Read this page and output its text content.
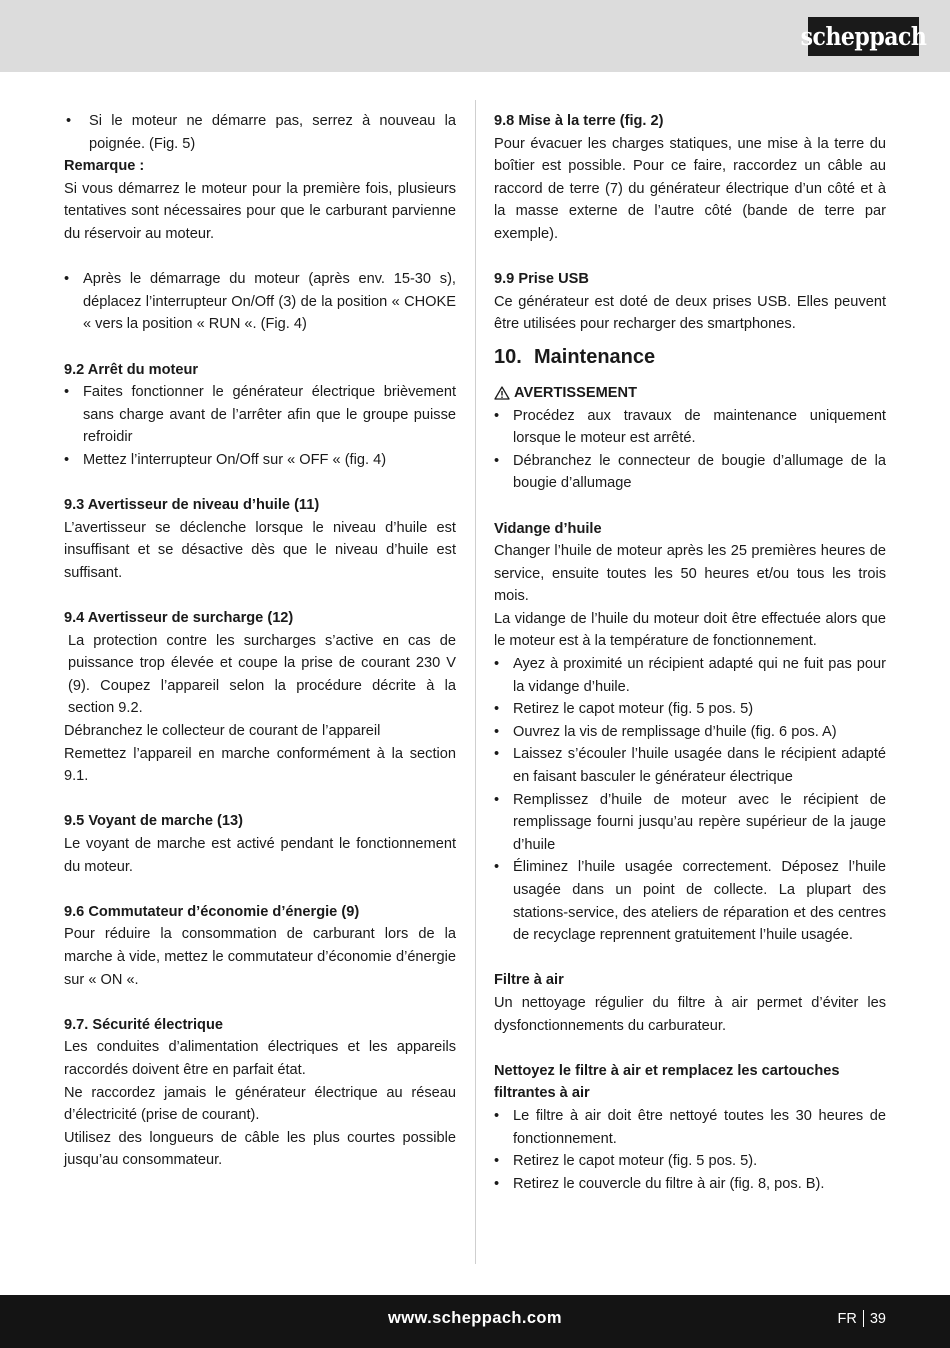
scheppach
• Si le moteur ne démarre pas, serrez à nouveau la poignée. (Fig. 5)
Remarque :
Si vous démarrez le moteur pour la première fois, plusieurs tentatives sont nécessaires pour que le carburant parvienne du réservoir au moteur.
• Après le démarrage du moteur (après env. 15-30 s), déplacez l’interrupteur On/Off (3) de la position « CHOKE « vers la position « RUN «. (Fig. 4)
9.2 Arrêt du moteur
• Faites fonctionner le générateur électrique brièvement sans charge avant de l’arrêter afin que le groupe puisse refroidir
• Mettez l’interrupteur On/Off sur « OFF « (fig. 4)
9.3 Avertisseur de niveau d’huile (11)
L’avertisseur se déclenche lorsque le niveau d’huile est insuffisant et se désactive dès que le niveau d’huile est suffisant.
9.4 Avertisseur de surcharge (12)
La protection contre les surcharges s’active en cas de puissance trop élevée et coupe la prise de courant 230 V (9). Coupez l’appareil selon la procédure décrite à la section 9.2.
Débranchez le collecteur de courant de l’appareil
Remettez l’appareil en marche conformément à la section 9.1.
9.5 Voyant de marche (13)
Le voyant de marche est activé pendant le fonctionnement du moteur.
9.6 Commutateur d’économie d’énergie (9)
Pour réduire la consommation de carburant lors de la marche à vide, mettez le commutateur d’économie d’énergie sur « ON «.
9.7. Sécurité électrique
Les conduites d’alimentation électriques et les appareils raccordés doivent être en parfait état.
Ne raccordez jamais le générateur électrique au réseau d’électricité (prise de courant).
Utilisez des longueurs de câble les plus courtes possible jusqu’au consommateur.
9.8 Mise à la terre (fig. 2)
Pour évacuer les charges statiques, une mise à la terre du boîtier est possible. Pour ce faire, raccordez un câble au raccord de terre (7) du générateur électrique d’un côté et à la masse externe de l’autre côté (bande de terre par exemple).
9.9 Prise USB
Ce générateur est doté de deux prises USB. Elles peuvent être utilisées pour recharger des smartphones.
10. Maintenance
AVERTISSEMENT
• Procédez aux travaux de maintenance uniquement lorsque le moteur est arrêté.
• Débranchez le connecteur de bougie d’allumage de la bougie d’allumage
Vidange d’huile
Changer l’huile de moteur après les 25 premières heures de service, ensuite toutes les 50 heures et/ou tous les trois mois.
La vidange de l’huile du moteur doit être effectuée alors que le moteur est à la température de fonctionnement.
• Ayez à proximité un récipient adapté qui ne fuit pas pour la vidange d’huile.
• Retirez le capot moteur (fig. 5 pos. 5)
• Ouvrez la vis de remplissage d’huile (fig. 6 pos. A)
• Laissez s’écouler l’huile usagée dans le récipient adapté en faisant basculer le générateur électrique
• Remplissez d’huile de moteur avec le récipient de remplissage fourni jusqu’au repère supérieur de la jauge d’huile
• Éliminez l’huile usagée correctement. Déposez l’huile usagée dans un point de collecte. La plupart des stations-service, des ateliers de réparation et des centres de recyclage reprennent gratuitement l’huile usagée.
Filtre à air
Un nettoyage régulier du filtre à air permet d’éviter les dysfonctionnements du carburateur.
Nettoyez le filtre à air et remplacez les cartouches filtrantes à air
• Le filtre à air doit être nettoyé toutes les 30 heures de fonctionnement.
• Retirez le capot moteur (fig. 5 pos. 5).
• Retirez le couvercle du filtre à air (fig. 8, pos. B).
www.scheppach.com	FR 39
